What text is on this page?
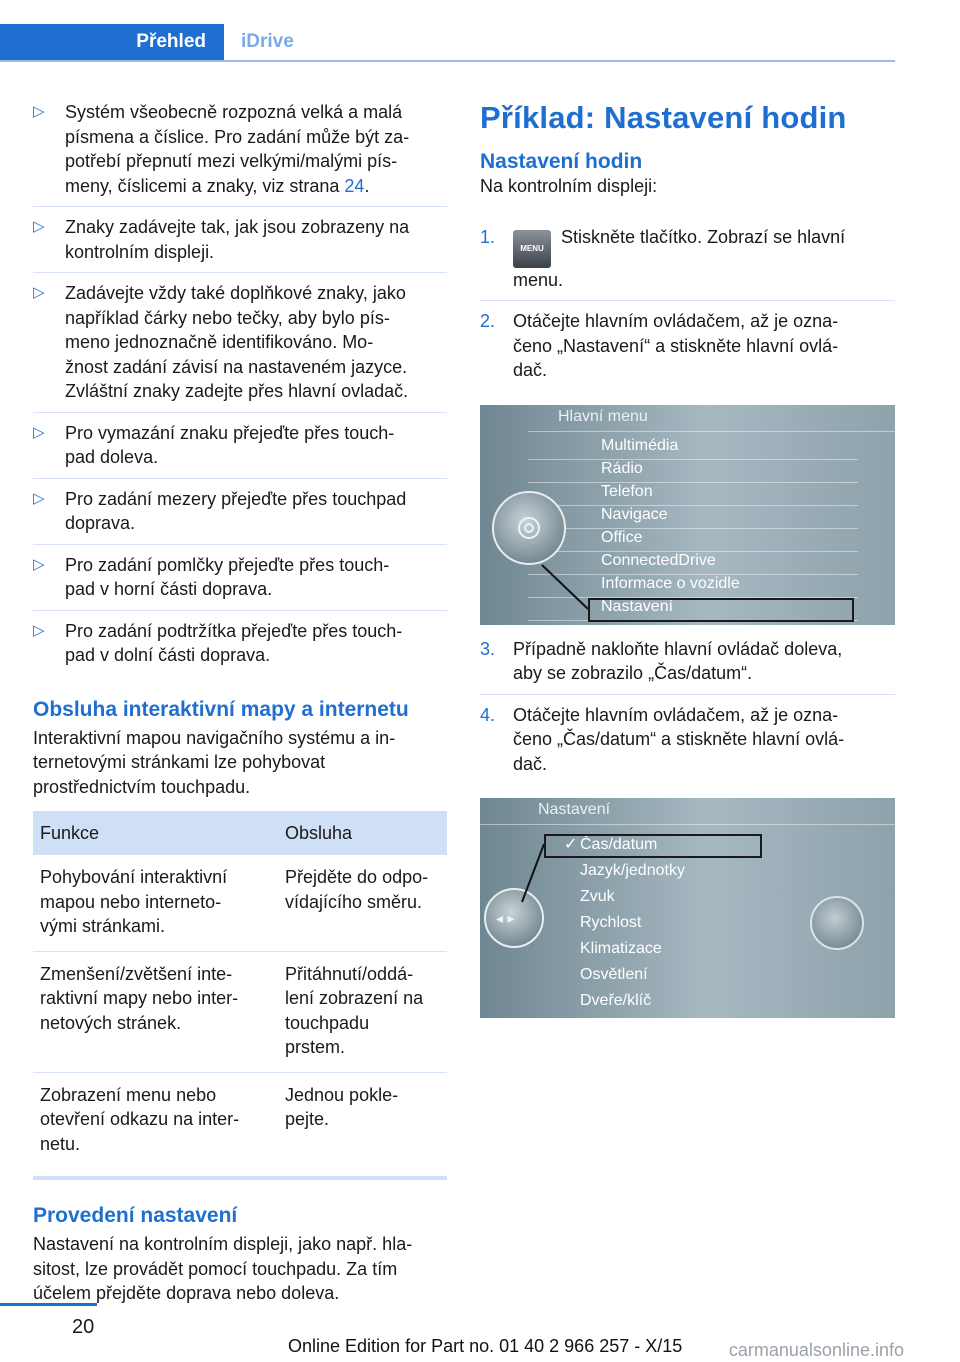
Přehled iDrive
▷ Systém všeobecně rozpozná velká a malá
písmena a číslice. Pro zadání může být za-
potřebí přepnutí mezi velkými/malými pís-
meny, číslicemi a znaky, viz strana 24.
▷ Znaky zadávejte tak, jak jsou zobrazeny na
kontrolním displeji.
▷ Zadávejte vždy také doplňkové znaky, jako
například čárky nebo tečky, aby bylo pís-
meno jednoznačně identifikováno. Mo-
žnost zadání závisí na nastaveném jazyce.
Zvláštní znaky zadejte přes hlavní ovladač.
▷ Pro vymazání znaku přejeďte přes touch-
pad doleva.
▷ Pro zadání mezery přejeďte přes touchpad
doprava.
▷ Pro zadání pomlčky přejeďte přes touch-
pad v horní části doprava.
▷ Pro zadání podtržítka přejeďte přes touch-
pad v dolní části doprava.
Obsluha interaktivní mapy a internetu

Interaktivní mapou navigačního systému a in-
ternetovými stránkami lze pohybovat
prostřednictvím touchpadu.

Funkce	Obsluha
Pohybování interaktivní
mapou nebo interneto-
vými stránkami.	Přejděte do odpo-
vídajícího směru.
Zmenšení/zvětšení inte-
raktivní mapy nebo inter-
netových stránek.	Přitáhnutí/oddá-
lení zobrazení na
touchpadu
prstem.
Zobrazení menu nebo
otevření odkazu na inter-
netu.	Jednou pokle-
pejte.
Provedení nastavení

Nastavení na kontrolním displeji, jako např. hla-
sitost, lze provádět pomocí touchpadu. Za tím
účelem přejděte doprava nebo doleva.

Příklad: Nastavení hodin
Nastavení hodin

Na kontrolním displeji:

1.
MENUStiskněte tlačítko. Zobrazí se hlavní
menu.
2. Otáčejte hlavním ovládačem, až je ozna-
čeno „Nastavení“ a stiskněte hlavní ovlá-
dač.
Hlavní menu
Multimédia
Rádio
Telefon
Navigace
Office
ConnectedDrive
Informace o vozidle
Nastavení
3. Případně nakloňte hlavní ovládač doleva,
aby se zobrazilo „Čas/datum“.
4. Otáčejte hlavním ovládačem, až je ozna-
čeno „Čas/datum“ a stiskněte hlavní ovlá-
dač.
Nastavení
Čas/datum
Jazyk/jednotky
Zvuk
Rychlost
Klimatizace
Osvětlení
Dveře/klíč
◂ ▸
✓
20
Online Edition for Part no. 01 40 2 966 257 - X/15	carmanualsonline.info
